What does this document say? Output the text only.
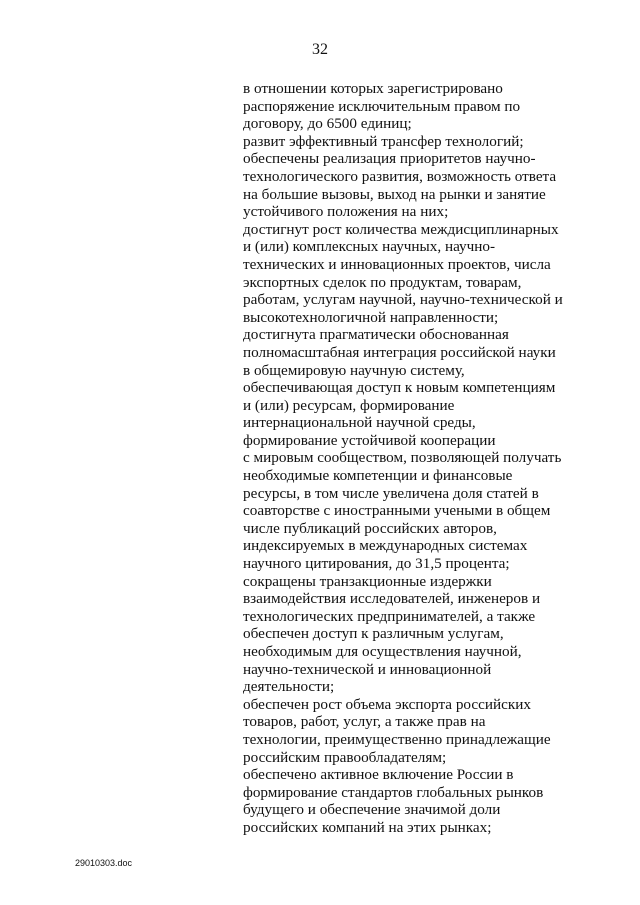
32
в отношении которых зарегистрировано
распоряжение исключительным правом по
договору, до 6500 единиц;
развит эффективный трансфер технологий;
обеспечены реализация приоритетов научно-
технологического развития, возможность ответа
на большие вызовы, выход на рынки и занятие
устойчивого положения на них;
достигнут рост количества междисциплинарных
и (или) комплексных научных, научно-
технических и инновационных проектов, числа
экспортных сделок по продуктам, товарам,
работам, услугам научной, научно-технической и
высокотехнологичной направленности;
достигнута прагматически обоснованная
полномасштабная интеграция российской науки
в общемировую научную систему,
обеспечивающая доступ к новым компетенциям
и (или) ресурсам, формирование
интернациональной научной среды,
формирование устойчивой кооперации
с мировым сообществом, позволяющей получать
необходимые компетенции и финансовые
ресурсы, в том числе увеличена доля статей в
соавторстве с иностранными учеными в общем
числе публикаций российских авторов,
индексируемых в международных системах
научного цитирования, до 31,5 процента;
сокращены транзакционные издержки
взаимодействия исследователей, инженеров и
технологических предпринимателей, а также
обеспечен доступ к различным услугам,
необходимым для осуществления научной,
научно-технической и инновационной
деятельности;
обеспечен рост объема экспорта российских
товаров, работ, услуг, а также прав на
технологии, преимущественно принадлежащие
российским правообладателям;
обеспечено активное включение России в
формирование стандартов глобальных рынков
будущего и обеспечение значимой доли
российских компаний на этих рынках;
29010303.doc
